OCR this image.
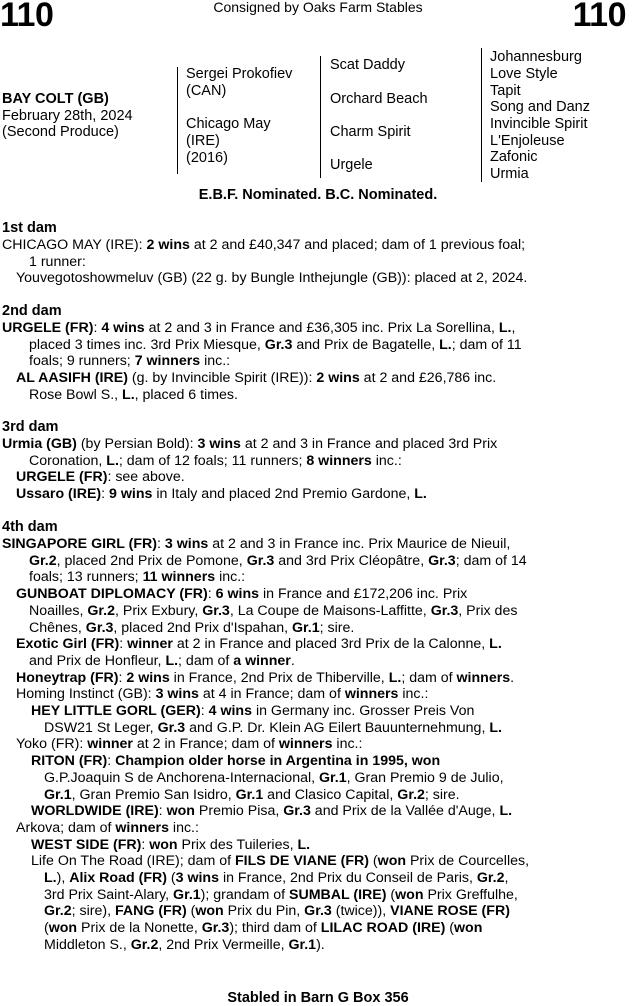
110	Consigned by Oaks Farm Stables	110
BAY COLT (GB)
February 28th, 2024
(Second Produce)
Sergei Prokofiev
(CAN)
Chicago May
(IRE)
(2016)
Scat Daddy
Orchard Beach
Charm Spirit
Urgele
Johannesburg
Love Style
Tapit
Song and Danz
Invincible Spirit
L'Enjoleuse
Zafonic
Urmia
E.B.F. Nominated. B.C. Nominated.
1st dam
CHICAGO MAY (IRE): 2 wins at 2 and £40,347 and placed; dam of 1 previous foal;
1 runner:
Youvegotoshowmeluv (GB) (22 g. by Bungle Inthejungle (GB)): placed at 2, 2024.
2nd dam
URGELE (FR): 4 wins at 2 and 3 in France and £36,305 inc. Prix La Sorellina, L.,
placed 3 times inc. 3rd Prix Miesque, Gr.3 and Prix de Bagatelle, L.; dam of 11
foals; 9 runners; 7 winners inc.:
AL AASIFH (IRE) (g. by Invincible Spirit (IRE)): 2 wins at 2 and £26,786 inc.
Rose Bowl S., L., placed 6 times.
3rd dam
Urmia (GB) (by Persian Bold): 3 wins at 2 and 3 in France and placed 3rd Prix
Coronation, L.; dam of 12 foals; 11 runners; 8 winners inc.:
URGELE (FR): see above.
Ussaro (IRE): 9 wins in Italy and placed 2nd Premio Gardone, L.
4th dam
SINGAPORE GIRL (FR): 3 wins at 2 and 3 in France inc. Prix Maurice de Nieuil,
Gr.2, placed 2nd Prix de Pomone, Gr.3 and 3rd Prix Cléopâtre, Gr.3; dam of 14
foals; 13 runners; 11 winners inc.:
GUNBOAT DIPLOMACY (FR): 6 wins in France and £172,206 inc. Prix
Noailles, Gr.2, Prix Exbury, Gr.3, La Coupe de Maisons-Laffitte, Gr.3, Prix des
Chênes, Gr.3, placed 2nd Prix d'Ispahan, Gr.1; sire.
Exotic Girl (FR): winner at 2 in France and placed 3rd Prix de la Calonne, L.
and Prix de Honfleur, L.; dam of a winner.
Honeytrap (FR): 2 wins in France, 2nd Prix de Thiberville, L.; dam of winners.
Homing Instinct (GB): 3 wins at 4 in France; dam of winners inc.:
HEY LITTLE GORL (GER): 4 wins in Germany inc. Grosser Preis Von
DSW21 St Leger, Gr.3 and G.P. Dr. Klein AG Eilert Bauunternehmung, L.
Yoko (FR): winner at 2 in France; dam of winners inc.:
RITON (FR): Champion older horse in Argentina in 1995, won
G.P.Joaquin S de Anchorena-Internacional, Gr.1, Gran Premio 9 de Julio,
Gr.1, Gran Premio San Isidro, Gr.1 and Clasico Capital, Gr.2; sire.
WORLDWIDE (IRE): won Premio Pisa, Gr.3 and Prix de la Vallée d'Auge, L.
Arkova; dam of winners inc.:
WEST SIDE (FR): won Prix des Tuileries, L.
Life On The Road (IRE); dam of FILS DE VIANE (FR) (won Prix de Courcelles,
L.), Alix Road (FR) (3 wins in France, 2nd Prix du Conseil de Paris, Gr.2,
3rd Prix Saint-Alary, Gr.1); grandam of SUMBAL (IRE) (won Prix Greffulhe,
Gr.2; sire), FANG (FR) (won Prix du Pin, Gr.3 (twice)), VIANE ROSE (FR)
(won Prix de la Nonette, Gr.3); third dam of LILAC ROAD (IRE) (won
Middleton S., Gr.2, 2nd Prix Vermeille, Gr.1).
Stabled in Barn G Box 356
